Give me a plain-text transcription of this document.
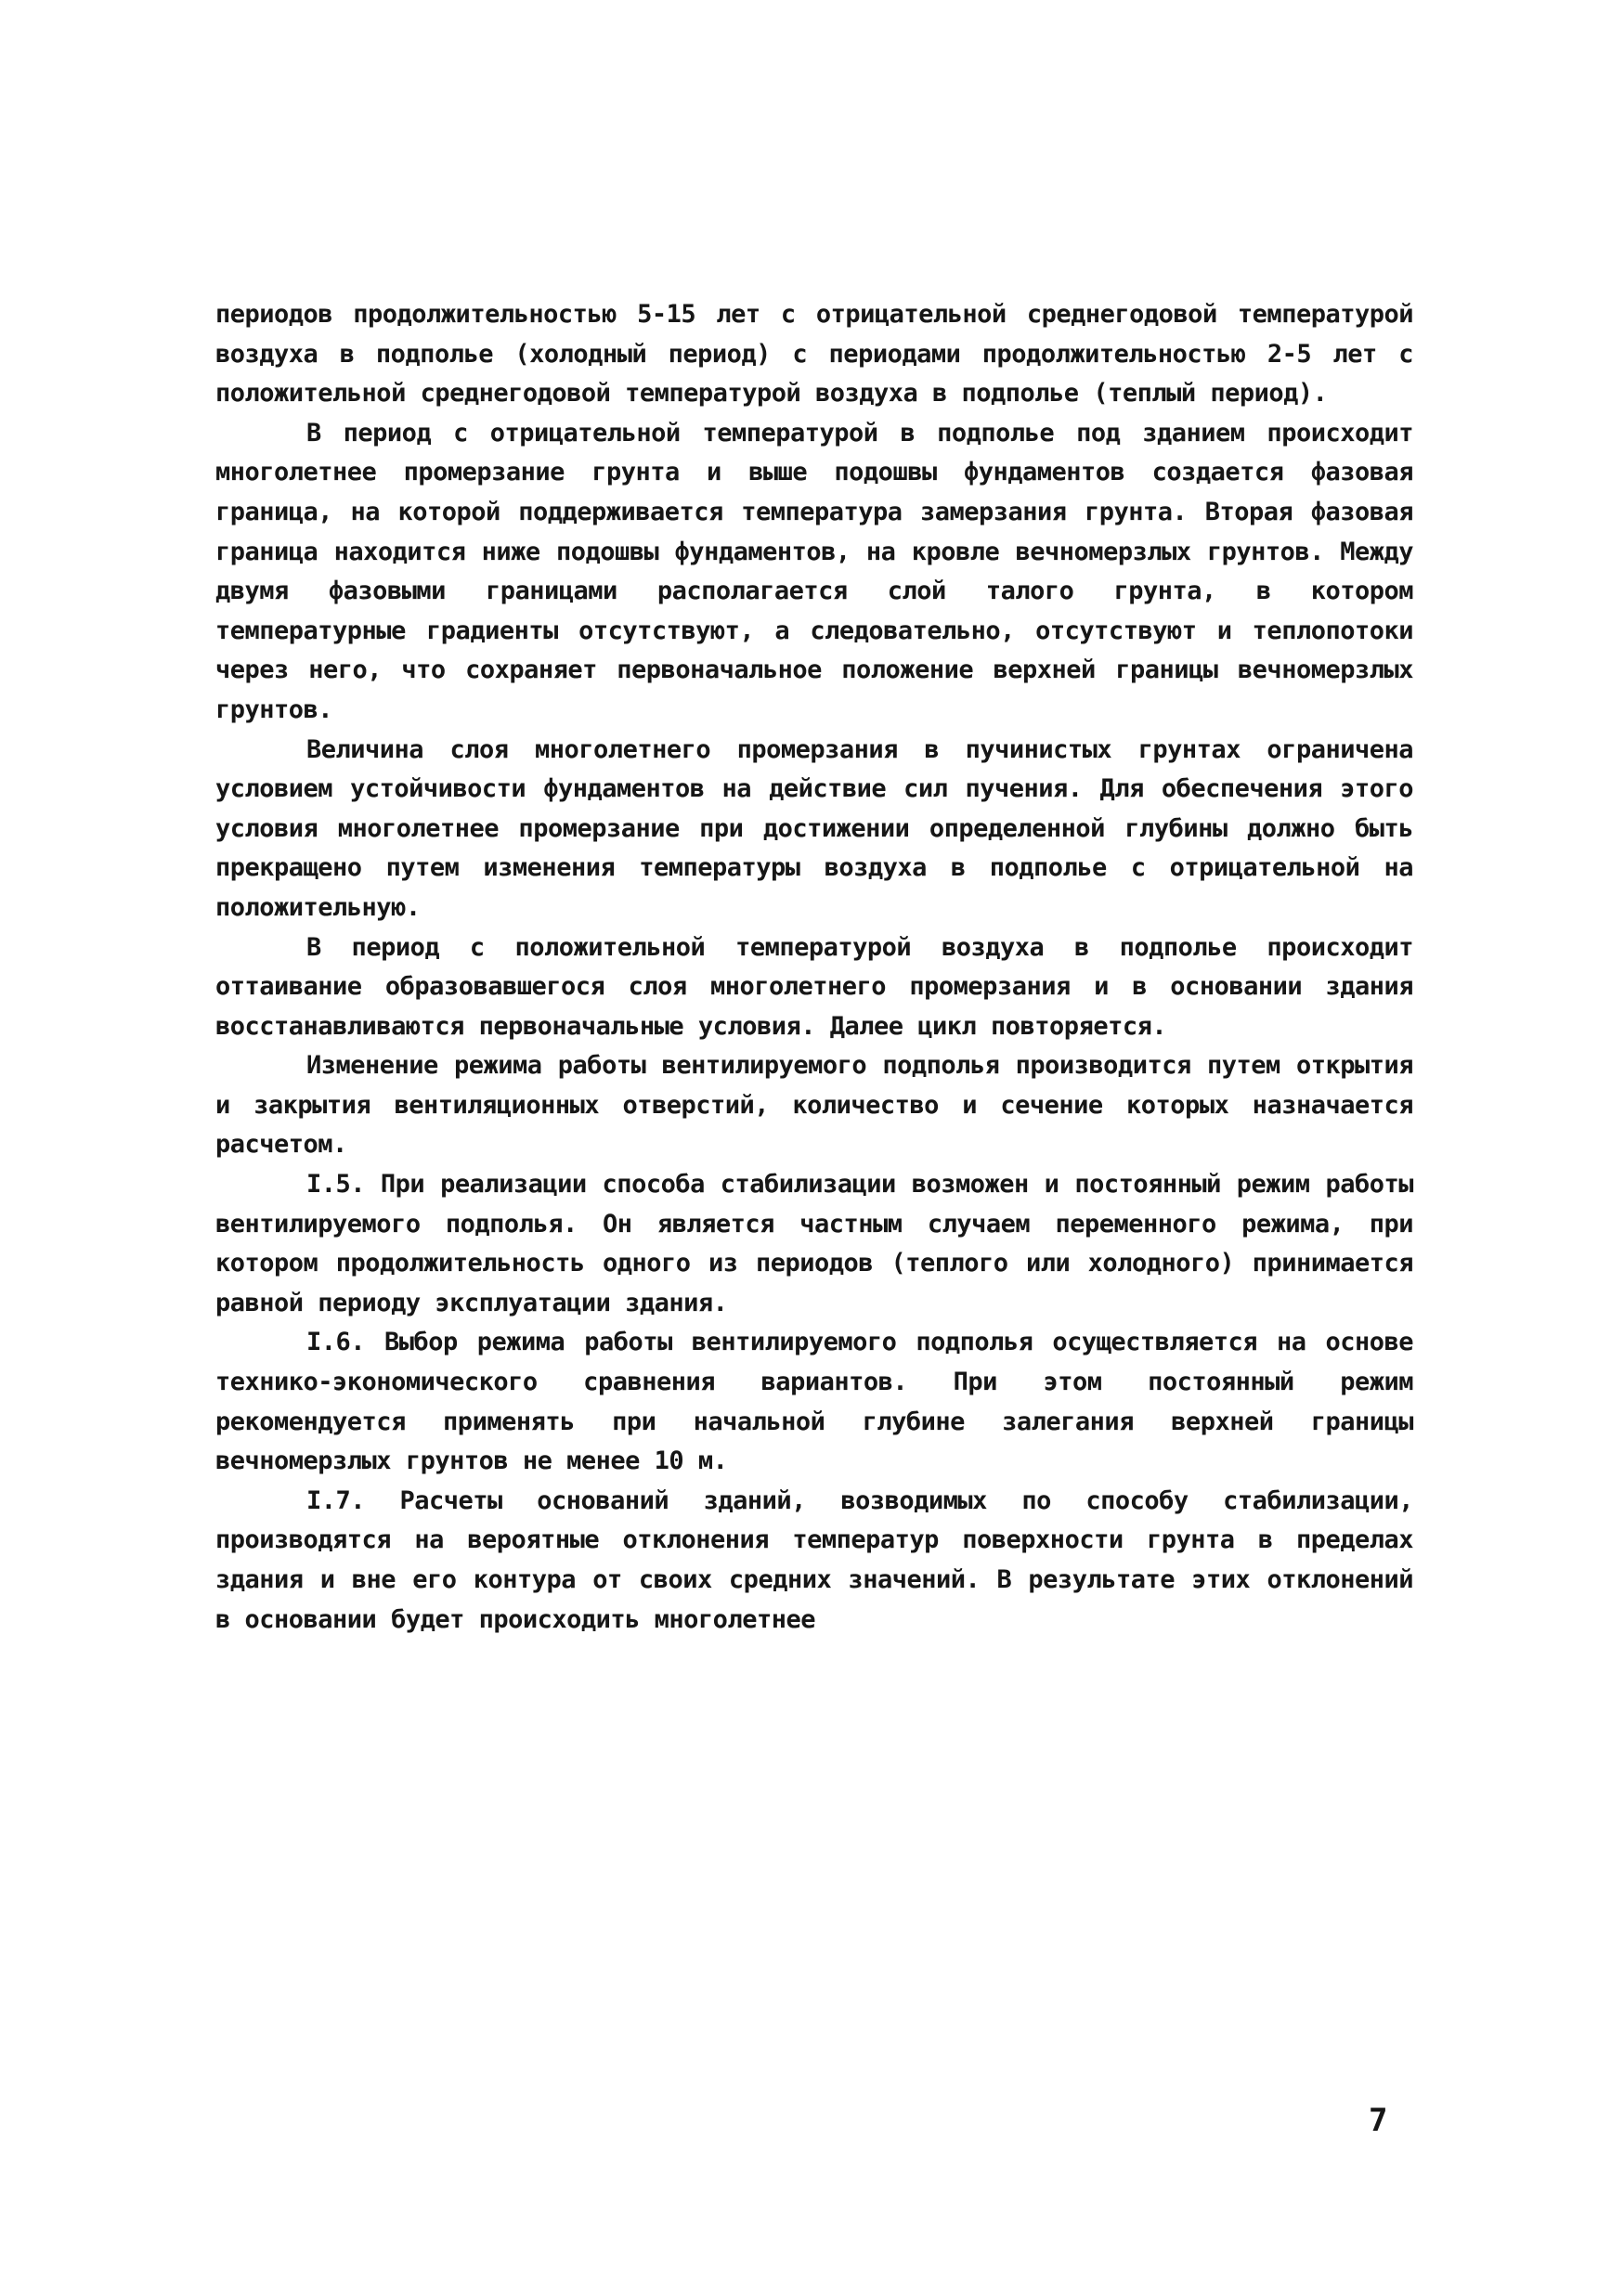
периодов продолжительностью 5-15 лет с отрицательной среднегодовой температурой воздуха в подполье (холодный период) с периодами продолжительностью 2-5 лет с положительной среднегодовой температурой воздуха в подполье (теплый период).

В период с отрицательной температурой в подполье под зданием происходит многолетнее промерзание грунта и выше подошвы фундаментов создается фазовая граница, на которой поддерживается температура замерзания грунта. Вторая фазовая граница находится ниже подошвы фундаментов, на кровле вечномерзлых грунтов. Между двумя фазовыми границами располагается слой талого грунта, в котором температурные градиенты отсутствуют, а следовательно, отсутствуют и теплопотоки через него, что сохраняет первоначальное положение верхней границы вечномерзлых грунтов.

Величина слоя многолетнего промерзания в пучинистых грунтах ограничена условием устойчивости фундаментов на действие сил пучения. Для обеспечения этого условия многолетнее промерзание при достижении определенной глубины должно быть прекращено путем изменения температуры воздуха в подполье с отрицательной на положительную.

В период с положительной температурой воздуха в подполье происходит оттаивание образовавшегося слоя многолетнего промерзания и в основании здания восстанавливаются первоначальные условия. Далее цикл повторяется.

Изменение режима работы вентилируемого подполья производится путем открытия и закрытия вентиляционных отверстий, количество и сечение которых назначается расчетом.

I.5. При реализации способа стабилизации возможен и постоянный режим работы вентилируемого подполья. Он является частным случаем переменного режима, при котором продолжительность одного из периодов (теплого или холодного) принимается равной периоду эксплуатации здания.

I.6. Выбор режима работы вентилируемого подполья осуществляется на основе технико-экономического сравнения вариантов. При этом постоянный режим рекомендуется применять при начальной глубине залегания верхней границы вечномерзлых грунтов не менее 10 м.

I.7. Расчеты оснований зданий, возводимых по способу стабилизации, производятся на вероятные отклонения температур поверхности грунта в пределах здания и вне его контура от своих средних значений. В результате этих отклонений в основании будет происходить многолетнее

7
